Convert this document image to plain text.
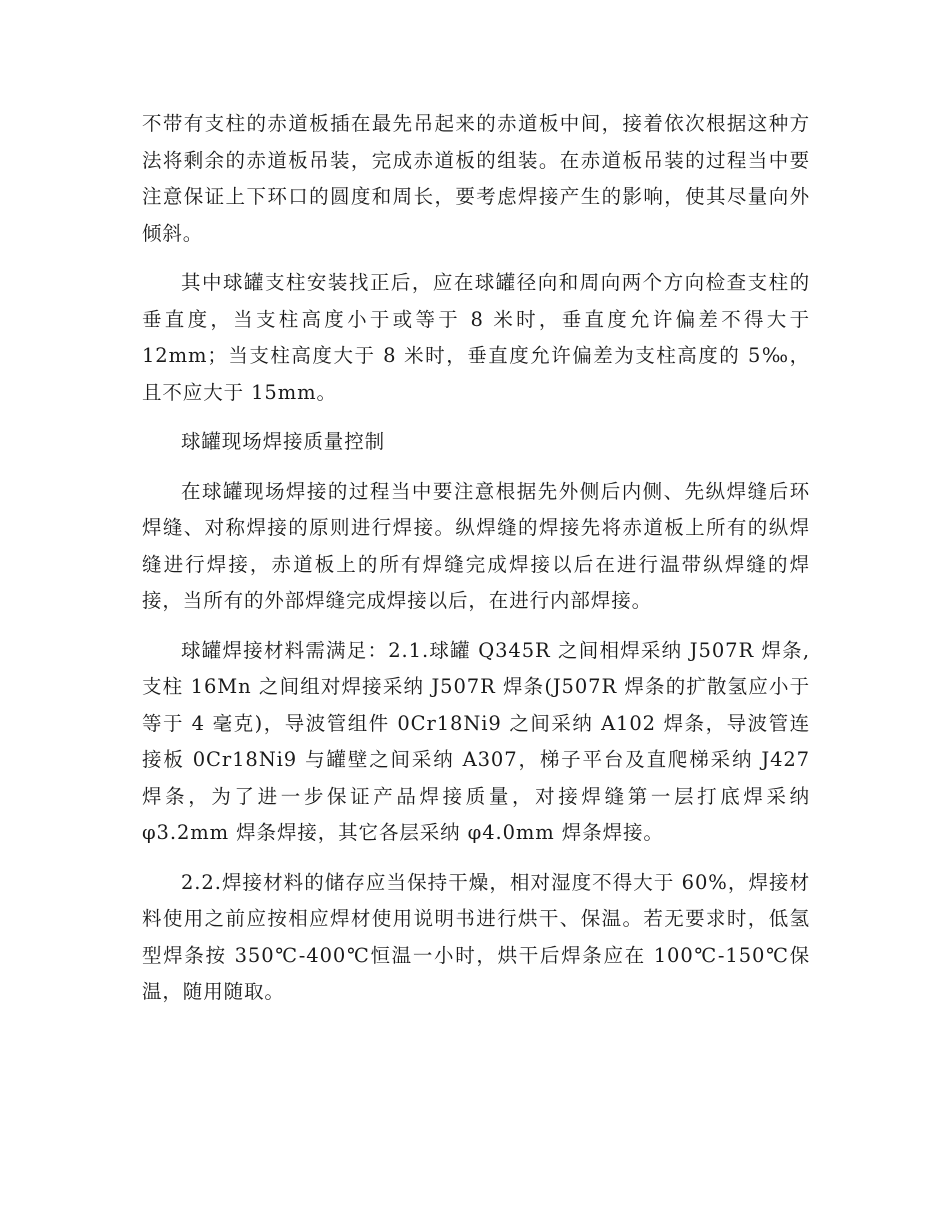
不带有支柱的赤道板插在最先吊起来的赤道板中间，接着依次根据这种方法将剩余的赤道板吊装，完成赤道板的组装。在赤道板吊装的过程当中要注意保证上下环口的圆度和周长，要考虑焊接产生的影响，使其尽量向外倾斜。

其中球罐支柱安装找正后，应在球罐径向和周向两个方向检查支柱的垂直度，当支柱高度小于或等于 8 米时，垂直度允许偏差不得大于 12mm；当支柱高度大于 8 米时，垂直度允许偏差为支柱高度的 5‰，且不应大于 15mm。

球罐现场焊接质量控制

在球罐现场焊接的过程当中要注意根据先外侧后内侧、先纵焊缝后环焊缝、对称焊接的原则进行焊接。纵焊缝的焊接先将赤道板上所有的纵焊缝进行焊接，赤道板上的所有焊缝完成焊接以后在进行温带纵焊缝的焊接，当所有的外部焊缝完成焊接以后，在进行内部焊接。

球罐焊接材料需满足：2.1.球罐 Q345R 之间相焊采纳 J507R 焊条,支柱 16Mn 之间组对焊接采纳 J507R 焊条(J507R 焊条的扩散氢应小于等于 4 毫克)，导波管组件 0Cr18Ni9 之间采纳 A102 焊条，导波管连接板 0Cr18Ni9 与罐壁之间采纳 A307，梯子平台及直爬梯采纳 J427 焊条，为了进一步保证产品焊接质量，对接焊缝第一层打底焊采纳 φ3.2mm 焊条焊接，其它各层采纳 φ4.0mm 焊条焊接。

2.2.焊接材料的储存应当保持干燥，相对湿度不得大于 60%，焊接材料使用之前应按相应焊材使用说明书进行烘干、保温。若无要求时，低氢型焊条按 350℃-400℃恒温一小时，烘干后焊条应在 100℃-150℃保温，随用随取。
